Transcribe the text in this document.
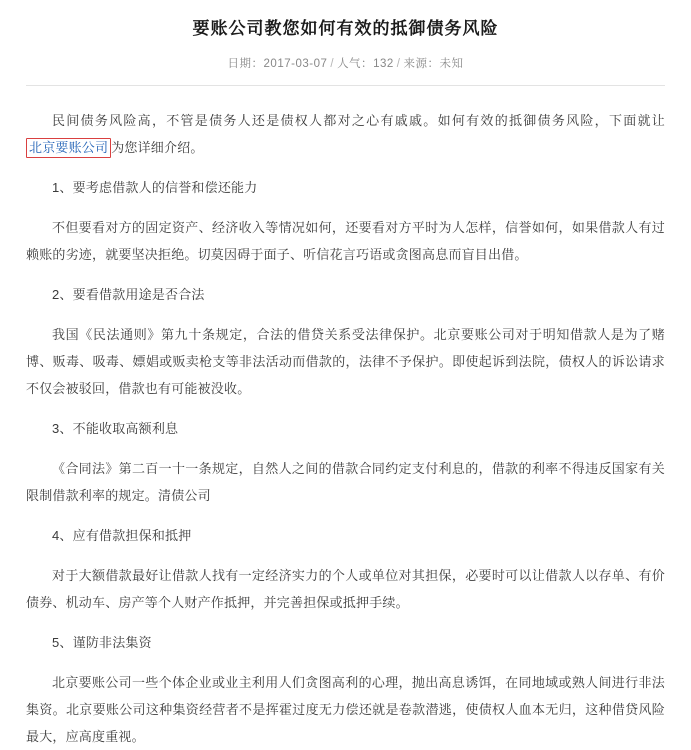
要账公司教您如何有效的抵御债务风险
日期：2017-03-07 / 人气：132 / 来源：未知

民间债务风险高，不管是债务人还是债权人都对之心有戚戚。如何有效的抵御债务风险，下面就让北京要账公司 为您详细介绍。

1、要考虑借款人的信誉和偿还能力

不但要看对方的固定资产、经济收入等情况如何，还要看对方平时为人怎样，信誉如何，如果借款人有过赖账的劣迹，就要坚决拒绝。切莫因碍于面子、听信花言巧语或贪图高息而盲目出借。

2、要看借款用途是否合法

我国《民法通则》第九十条规定，合法的借贷关系受法律保护。北京要账公司对于明知借款人是为了赌博、贩毒、吸毒、嫖娼或贩卖枪支等非法活动而借款的，法律不予保护。即使起诉到法院，债权人的诉讼请求不仅会被驳回，借款也有可能被没收。

3、不能收取高额利息

《合同法》第二百一十一条规定，自然人之间的借款合同约定支付利息的，借款的利率不得违反国家有关限制借款利率的规定。清债公司

4、应有借款担保和抵押

对于大额借款最好让借款人找有一定经济实力的个人或单位对其担保，必要时可以让借款人以存单、有价债券、机动车、房产等个人财产作抵押，并完善担保或抵押手续。

5、谨防非法集资

北京要账公司一些个体企业或业主利用人们贪图高利的心理，抛出高息诱饵，在同地域或熟人间进行非法集资。北京要账公司这种集资经营者不是挥霍过度无力偿还就是卷款潜逃，使债权人血本无归，这种借贷风险最大，应高度重视。
